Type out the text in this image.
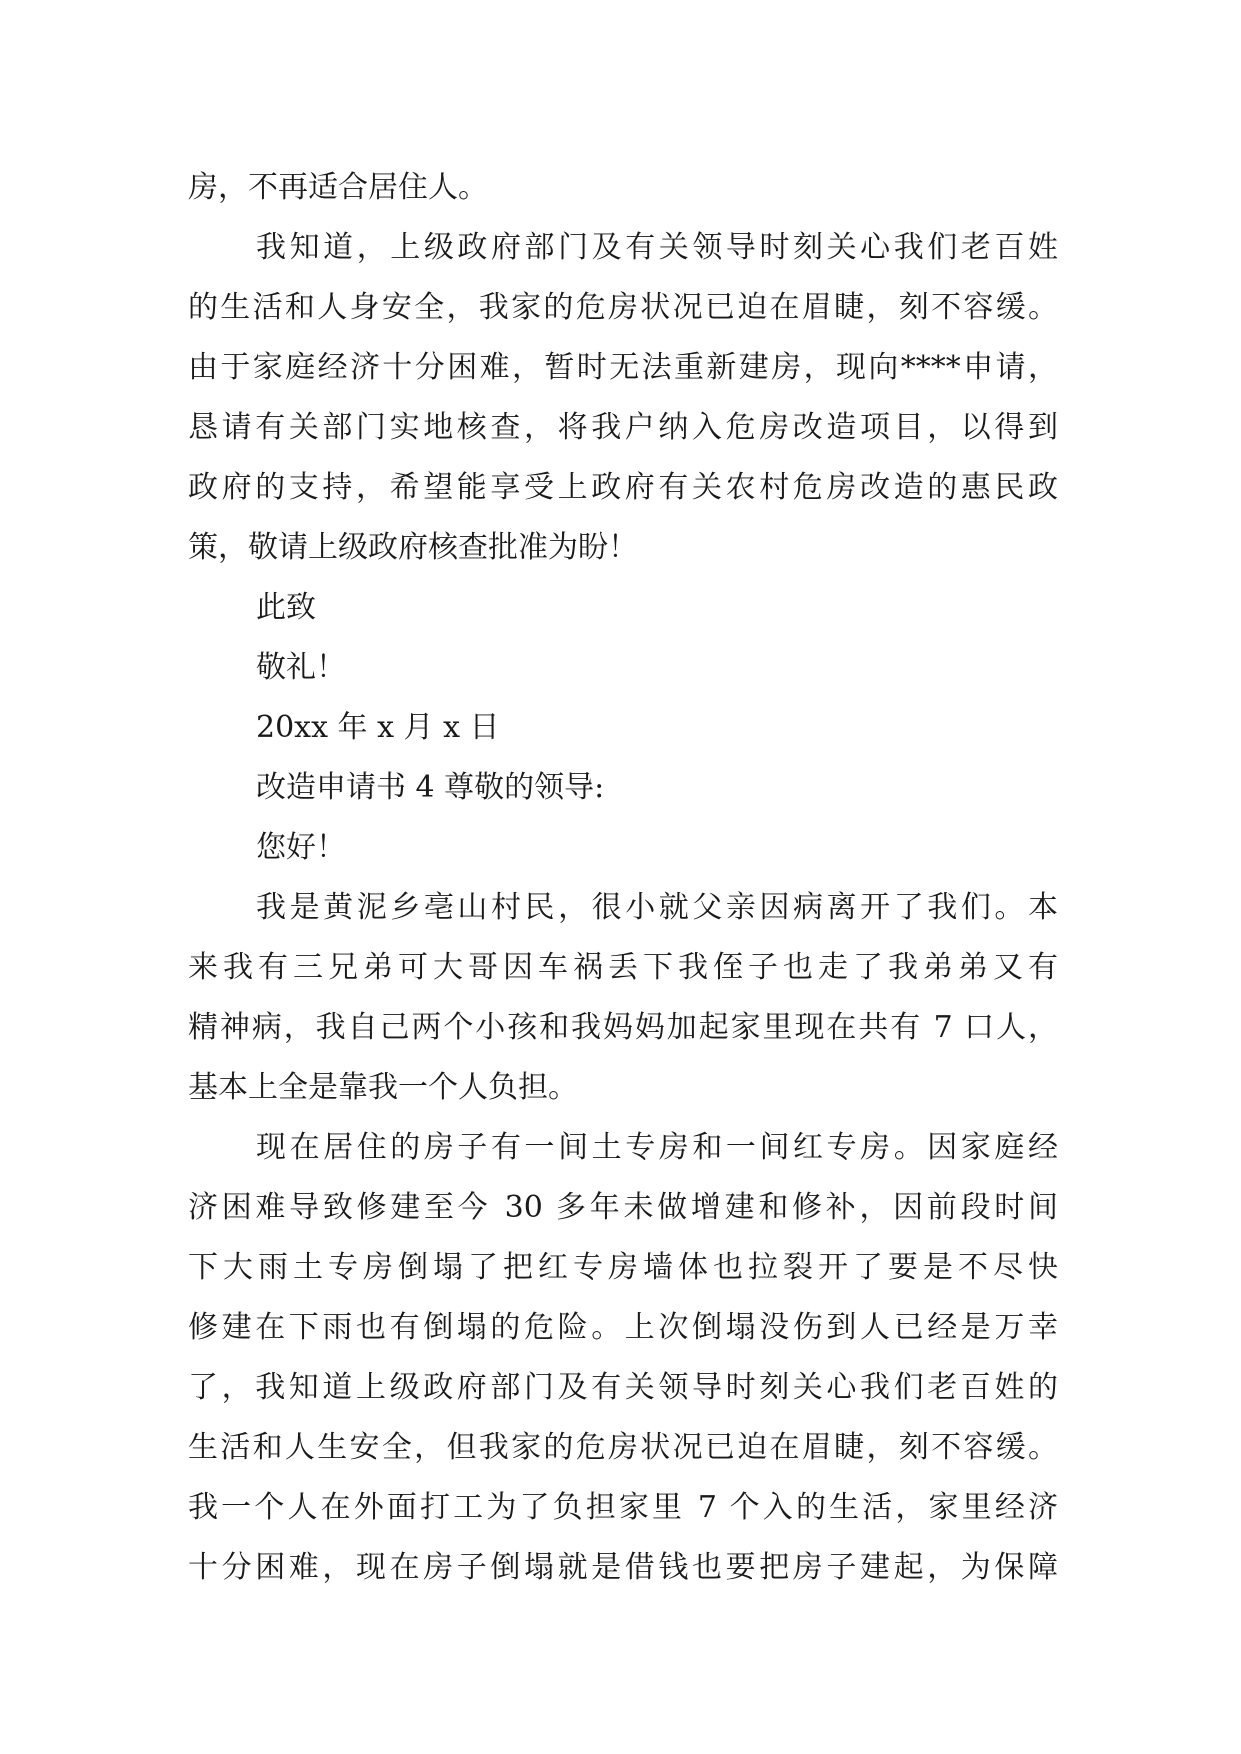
房，不再适合居住人。
我知道，上级政府部门及有关领导时刻关心我们老百姓
的生活和人身安全，我家的危房状况已迫在眉睫，刻不容缓。
由于家庭经济十分困难，暂时无法重新建房，现向****申请，
恳请有关部门实地核查，将我户纳入危房改造项目，以得到
政府的支持，希望能享受上政府有关农村危房改造的惠民政
策，敬请上级政府核查批准为盼！
此致
敬礼！
20xx 年 x 月 x 日
改造申请书 4 尊敬的领导:
您好！
我是黄泥乡亳山村民，很小就父亲因病离开了我们。本
来我有三兄弟可大哥因车祸丢下我侄子也走了我弟弟又有
精神病，我自己两个小孩和我妈妈加起家里现在共有 7 口人，
基本上全是靠我一个人负担。
现在居住的房子有一间土专房和一间红专房。因家庭经
济困难导致修建至今 30 多年未做增建和修补，因前段时间
下大雨土专房倒塌了把红专房墙体也拉裂开了要是不尽快
修建在下雨也有倒塌的危险。上次倒塌没伤到人已经是万幸
了，我知道上级政府部门及有关领导时刻关心我们老百姓的
生活和人生安全，但我家的危房状况已迫在眉睫，刻不容缓。
我一个人在外面打工为了负担家里 7 个入的生活，家里经济
十分困难，现在房子倒塌就是借钱也要把房子建起，为保障
